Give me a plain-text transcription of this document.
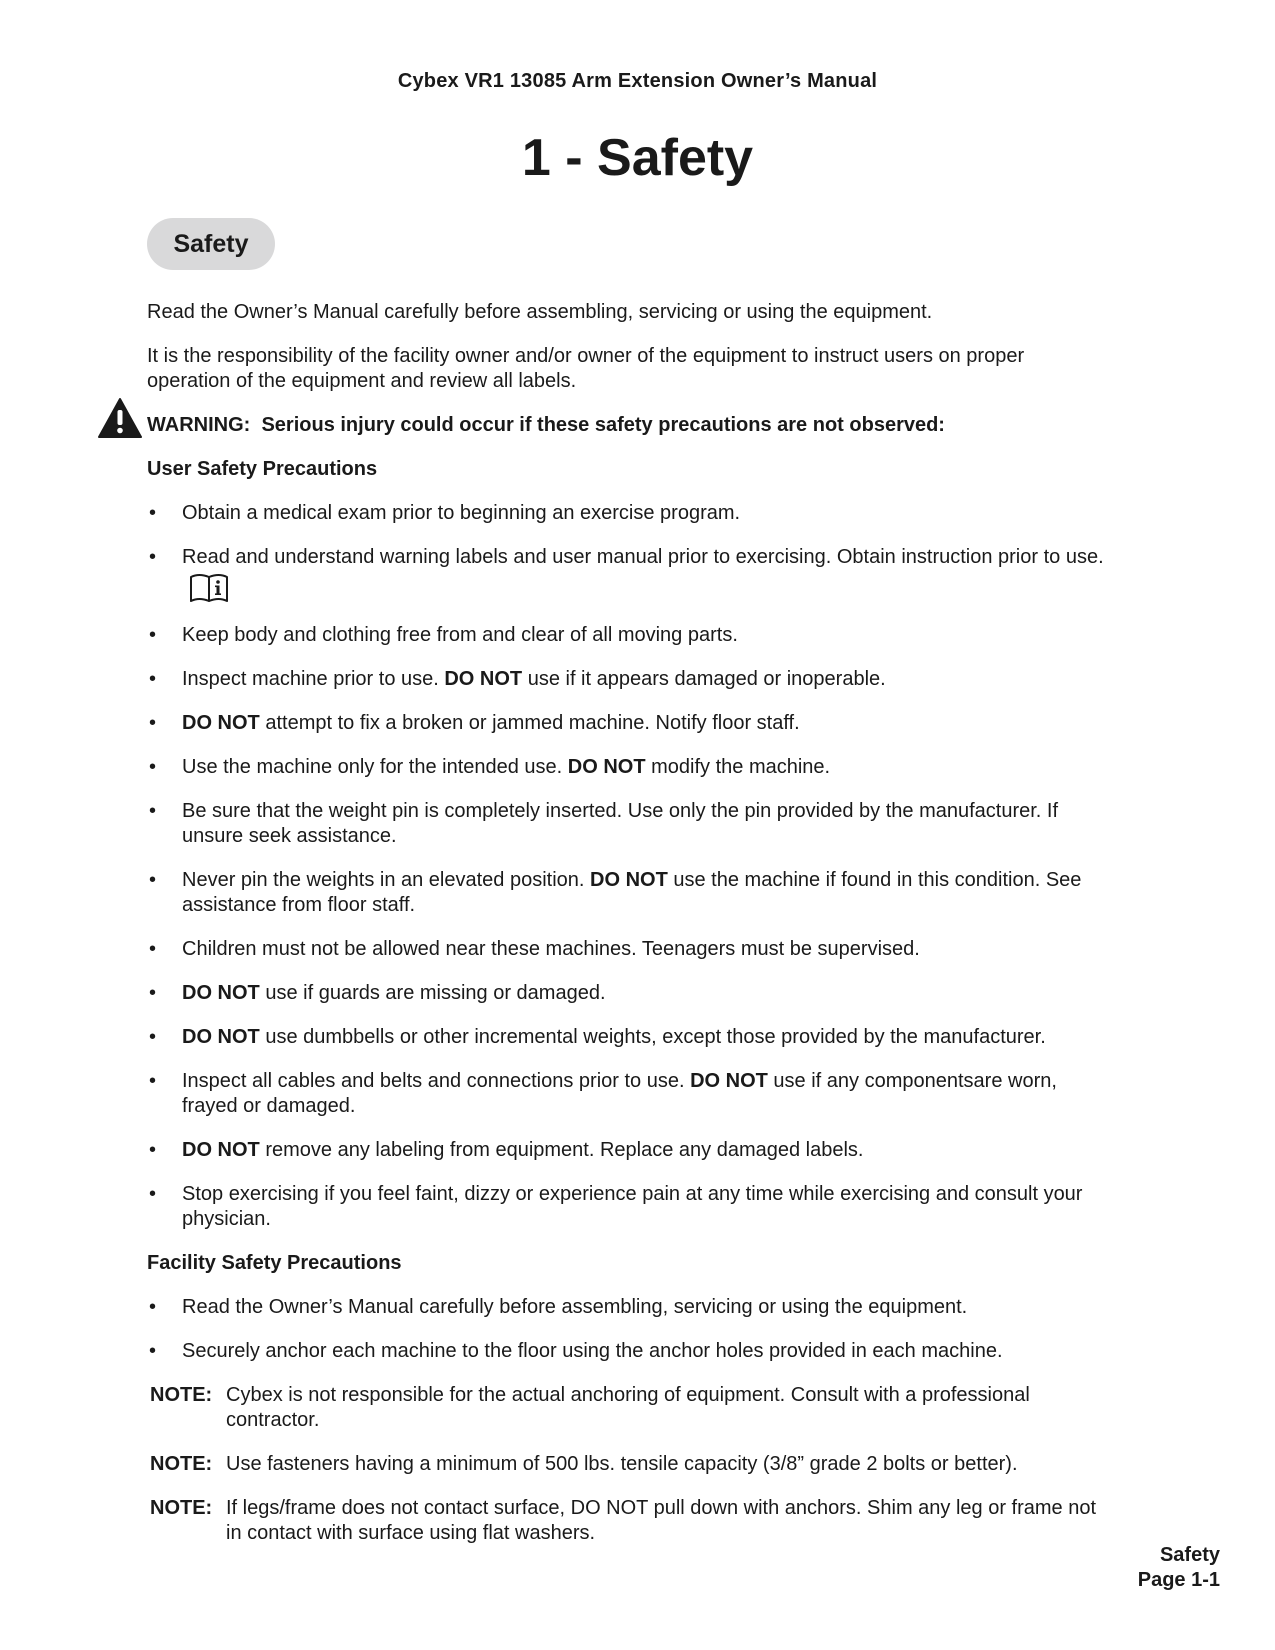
Cybex VR1 13085 Arm Extension Owner’s Manual
1 - Safety
Safety

Read the Owner’s Manual carefully before assembling, servicing or using the equipment.

It is the responsibility of the facility owner and/or owner of the equipment to instruct users on proper operation of the equipment and review all labels.

WARNING: Serious injury could occur if these safety precautions are not observed:

User Safety Precautions

• Obtain a medical exam prior to beginning an exercise program.
• Read and understand warning labels and user manual prior to exercising. Obtain instruction prior to use.
• Keep body and clothing free from and clear of all moving parts.
• Inspect machine prior to use. DO NOT use if it appears damaged or inoperable.
• DO NOT attempt to fix a broken or jammed machine. Notify floor staff.
• Use the machine only for the intended use. DO NOT modify the machine.
• Be sure that the weight pin is completely inserted. Use only the pin provided by the manufacturer. If unsure seek assistance.
• Never pin the weights in an elevated position. DO NOT use the machine if found in this condition. See assistance from floor staff.
• Children must not be allowed near these machines. Teenagers must be supervised.
• DO NOT use if guards are missing or damaged.
• DO NOT use dumbbells or other incremental weights, except those provided by the manufacturer.
• Inspect all cables and belts and connections prior to use. DO NOT use if any componentsare worn, frayed or damaged.
• DO NOT remove any labeling from equipment. Replace any damaged labels.
• Stop exercising if you feel faint, dizzy or experience pain at any time while exercising and consult your physician.

Facility Safety Precautions

• Read the Owner’s Manual carefully before assembling, servicing or using the equipment.
• Securely anchor each machine to the floor using the anchor holes provided in each machine.
NOTE: Cybex is not responsible for the actual anchoring of equipment. Consult with a professional contractor.
NOTE: Use fasteners having a minimum of 500 lbs. tensile capacity (3/8” grade 2 bolts or better).
NOTE: If legs/frame does not contact surface, DO NOT pull down with anchors. Shim any leg or frame not in contact with surface using flat washers.
Safety
Page 1-1
